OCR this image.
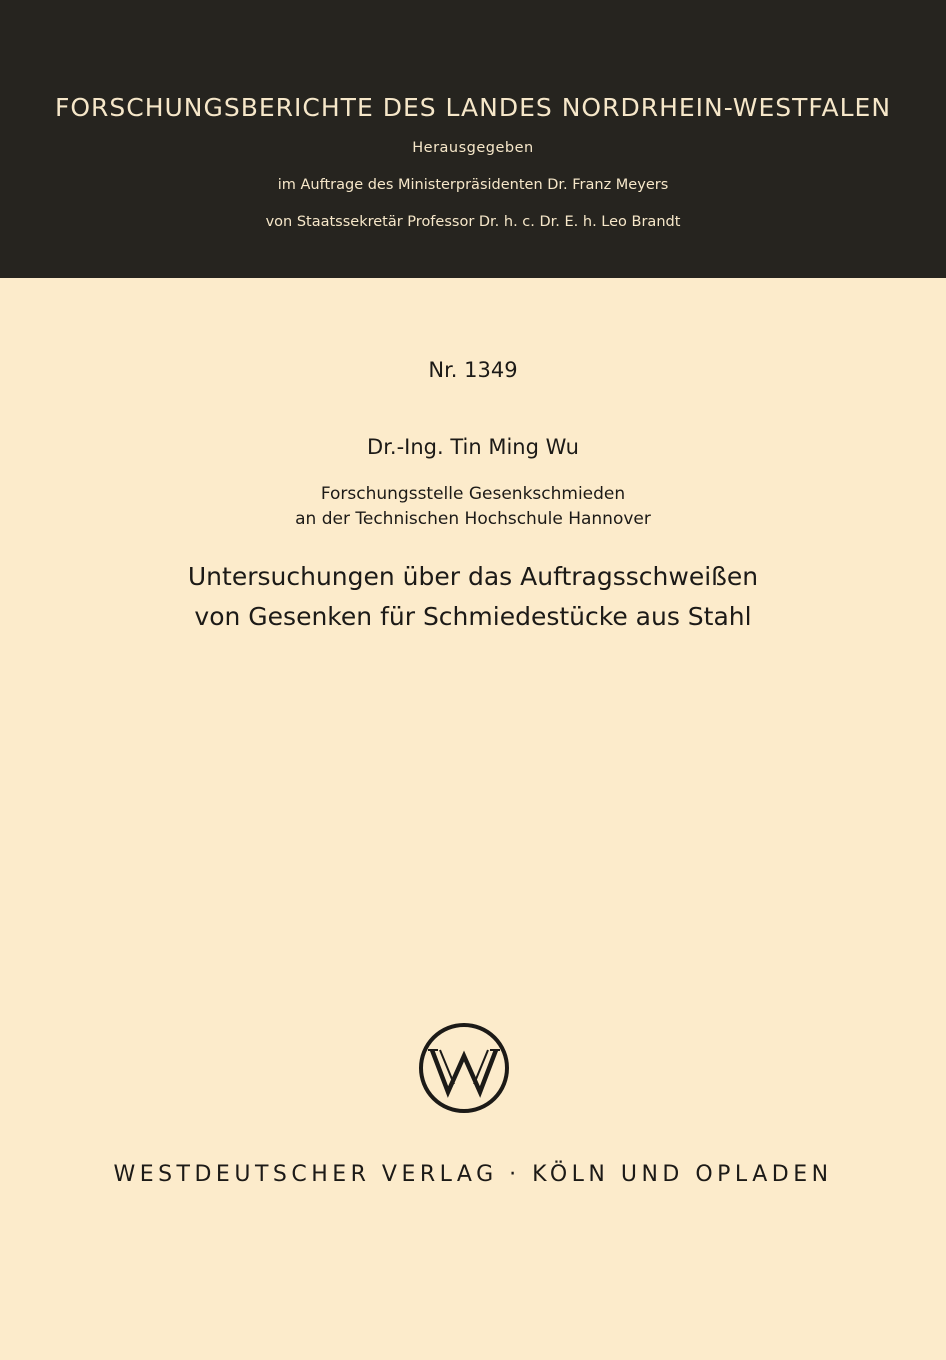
FORSCHUNGSBERICHTE DES LANDES NORDRHEIN-WESTFALEN
Herausgegeben
im Auftrage des Ministerpräsidenten Dr. Franz Meyers
von Staatssekretär Professor Dr. h. c. Dr. E. h. Leo Brandt
Nr. 1349
Dr.-Ing. Tin Ming Wu
Forschungsstelle Gesenkschmieden
an der Technischen Hochschule Hannover
Untersuchungen über das Auftragsschweißen
von Gesenken für Schmiedestücke aus Stahl
WESTDEUTSCHER VERLAG · KÖLN UND OPLADEN
